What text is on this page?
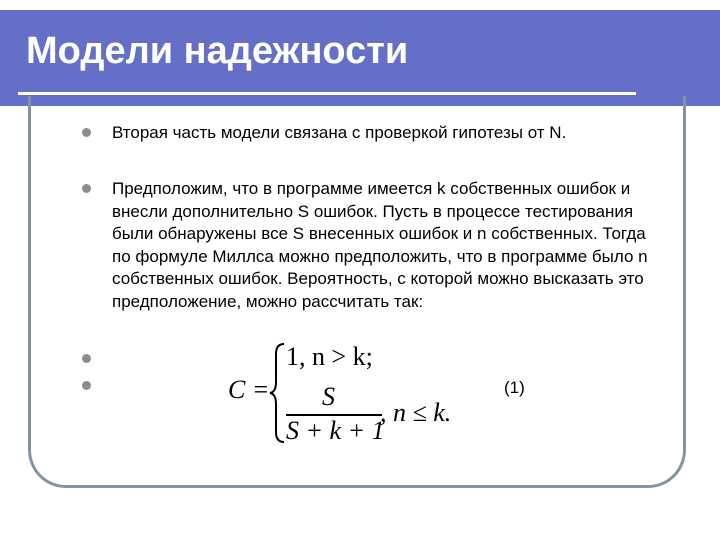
Модели надежности
Вторая часть модели связана с проверкой гипотезы от N.
Предположим, что в программе имеется k собственных ошибок и внесли дополнительно S ошибок. Пусть в процессе тестирования были обнаружены все S внесенных ошибок и n собственных. Тогда по формуле Миллса можно предположить, что в программе было n собственных ошибок. Вероятность, с которой можно высказать это предположение, можно рассчитать так:
C =
1, n > k;
S
S + k + 1
, n ≤ k.
(1)
